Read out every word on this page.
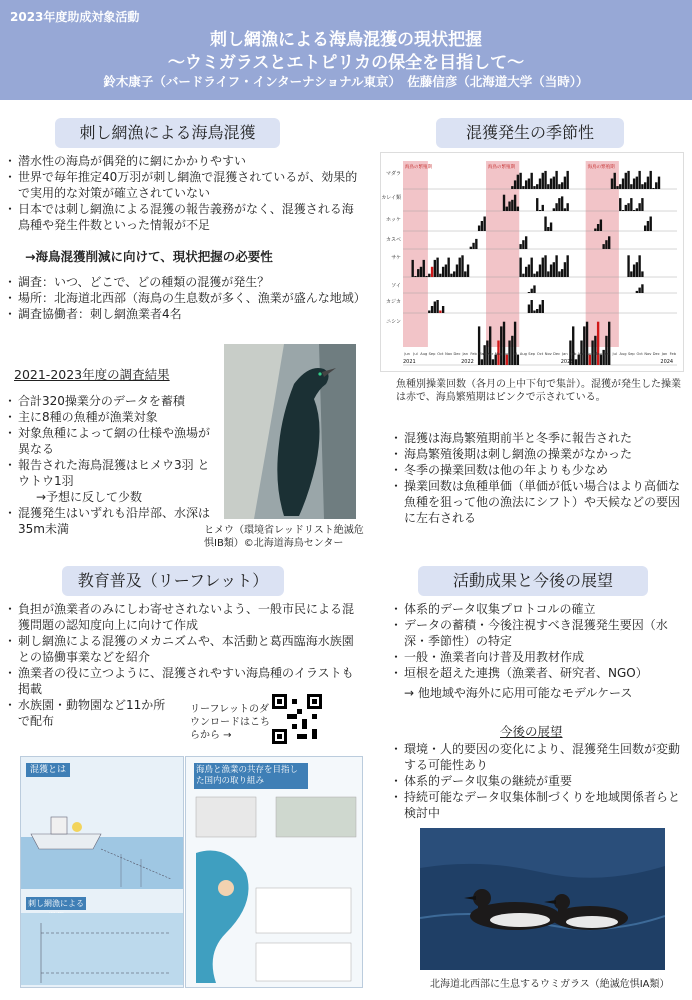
2023年度助成対象活動
刺し網漁による海鳥混獲の現状把握
～ウミガラスとエトピリカの保全を目指して～
鈴木康子（バードライフ・インターナショナル東京）　佐藤信彦（北海道大学（当時））
刺し網漁による海鳥混獲
・ 潜水性の海鳥が偶発的に網にかかりやすい
・ 世界で毎年推定40万羽が刺し網漁で混獲されているが、効果的で実用的な対策が確立されていない
・ 日本では刺し網漁による混獲の報告義務がなく、混獲される海鳥種や発生件数といった情報が不足
→海鳥混獲削減に向けて、現状把握の必要性
・ 調査：いつ、どこで、どの種類の混獲が発生？
・ 場所：北海道北西部（海鳥の生息数が多く、漁業が盛んな地域）
・ 調査協働者：刺し網漁業者4名
2021-2023年度の調査結果
・ 合計320操業分のデータを蓄積
・ 主に8種の魚種が漁業対象
・ 対象魚種によって網の仕様や漁場が異なる
・ 報告された海鳥混獲はヒメウ3羽 とウトウ1羽
→予想に反して少数
・ 混獲発生はいずれも沿岸部、水深は35m未満	ヒメウ（環境省レッドリスト絶滅危惧IB類）©北海道海鳥センター
混獲発生の季節性
海鳥の繁殖期	海鳥の繁殖期	海鳥の繁殖期
マダラ
カレイ類
ホッケ
カスベ
サケ
ソイ
カジカ
ニシン
Jun Jul Aug Sep Oct Nov Dec Jan Feb Mar Apr May Jun Jul Aug Sep Oct Nov Dec Jan Feb Mar Apr May Jun Jul Aug Sep Oct Nov Dec Jan Feb
2021	2022	2023	2024
魚種別操業回数（各月の上中下旬で集計）。混獲が発生した操業は赤で、海鳥繁殖期はピンクで示されている。
・ 混獲は海鳥繁殖期前半と冬季に報告された
・ 海鳥繁殖後期は刺し網漁の操業がなかった
・ 冬季の操業回数は他の年よりも少なめ
・ 操業回数は魚種単価（単価が低い場合はより高価な魚種を狙って他の漁法にシフト）や天候などの要因に左右される
教育普及（リーフレット）
・ 負担が漁業者のみにしわ寄せされないよう、一般市民による混獲問題の認知度向上に向けて作成
・ 刺し網漁による混獲のメカニズムや、本活動と葛西臨海水族園との協働事業などを紹介
・ 漁業者の役に立つように、混獲されやすい海鳥種のイラストも掲載
・ 水族園・動物園など11か所で配布
リーフレットのダウンロードはこちらから →
混獲とは
刺し網漁による
海鳥と漁業の共存を目指した国内の取り組み
活動成果と今後の展望
・ 体系的データ収集プロトコルの確立
・ データの蓄積・今後注視すべき混獲発生要因（水深・季節性）の特定
・ 一般・漁業者向け普及用教材作成
・ 垣根を超えた連携（漁業者、研究者、NGO）
→ 他地域や海外に応用可能なモデルケース
今後の展望
・ 環境・人的要因の変化により、混獲発生回数が変動する可能性あり
・ 体系的データ収集の継続が重要
・ 持続可能なデータ収集体制づくりを地域関係者らと検討中
北海道北西部に生息するウミガラス（絶滅危惧IA類）
